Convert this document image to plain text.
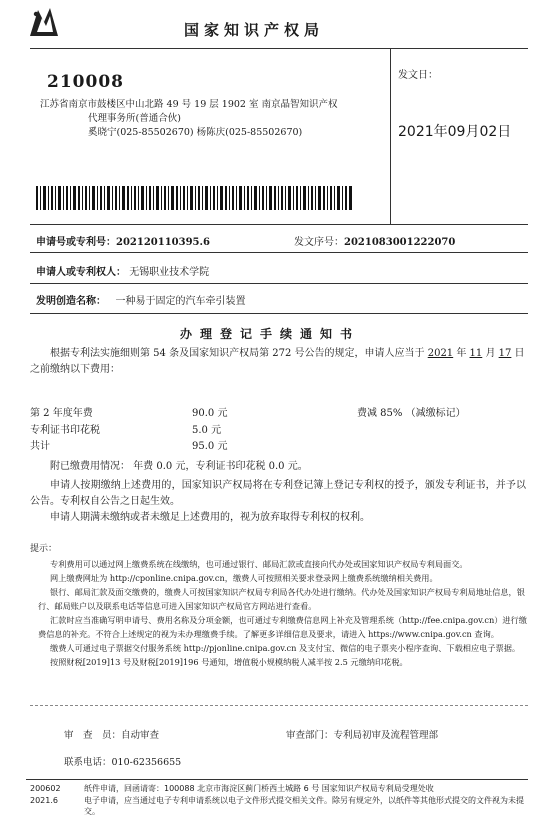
国家知识产权局
210008
江苏省南京市鼓楼区中山北路 49 号 19 层 1902 室 南京晶智知识产权
代理事务所(普通合伙)
奚晓宁(025-85502670) 杨陈庆(025-85502670)
发文日：
2021年09月02日
申请号或专利号：202120110395.6	发文序号：2021083001222070
申请人或专利权人： 无锡职业技术学院
发明创造名称： 一种易于固定的汽车牵引装置
办理登记手续通知书
根据专利法实施细则第 54 条及国家知识产权局第 272 号公告的规定，申请人应当于 2021 年 11 月 17 日
之前缴纳以下费用：
第 2 年度年费	90.0 元	费减 85% （减缴标记）
专利证书印花税	5.0 元
共计	95.0 元
附已缴费用情况： 年费 0.0 元，专利证书印花税 0.0 元。
申请人按期缴纳上述费用的，国家知识产权局将在专利登记簿上登记专利权的授予，颁发专利证书，并予以公告。专利权自公告之日起生效。
申请人期满未缴纳或者未缴足上述费用的，视为放弃取得专利权的权利。
提示：
专利费用可以通过网上缴费系统在线缴纳，也可通过银行、邮局汇款或直接向代办处或国家知识产权局专利局面交。
网上缴费网址为 http://cponline.cnipa.gov.cn，缴费人可按照相关要求登录网上缴费系统缴纳相关费用。
银行、邮局汇款及面交缴费的，缴费人可按国家知识产权局专利局各代办处进行缴纳。代办处及国家知识产权局专利局地址信息，银行、邮局账户以及联系电话等信息可进入国家知识产权局官方网站进行查看。
汇款时应当准确写明申请号、费用名称及分项金额，也可通过专利缴费信息网上补充及管理系统（http://fee.cnipa.gov.cn）进行缴费信息的补充。不符合上述规定的视为未办理缴费手续。了解更多详细信息及要求，请进入 https://www.cnipa.gov.cn 查询。
缴费人可通过电子票据交付服务系统 http://pjonline.cnipa.gov.cn 及支付宝、微信的电子票夹小程序查询、下载相应电子票据。
按照财税[2019]13 号及财税[2019]196 号通知，增值税小规模纳税人减半按 2.5 元缴纳印花税。
审　查　员：自动审查	审查部门：专利局初审及流程管理部
联系电话：010-62356655
200602
2021.6
纸件申请，回函请寄：100088 北京市海淀区蓟门桥西土城路 6 号 国家知识产权局专利局受理处收
电子申请，应当通过电子专利申请系统以电子文件形式提交相关文件。除另有规定外，以纸件等其他形式提交的文件视为未提交。
